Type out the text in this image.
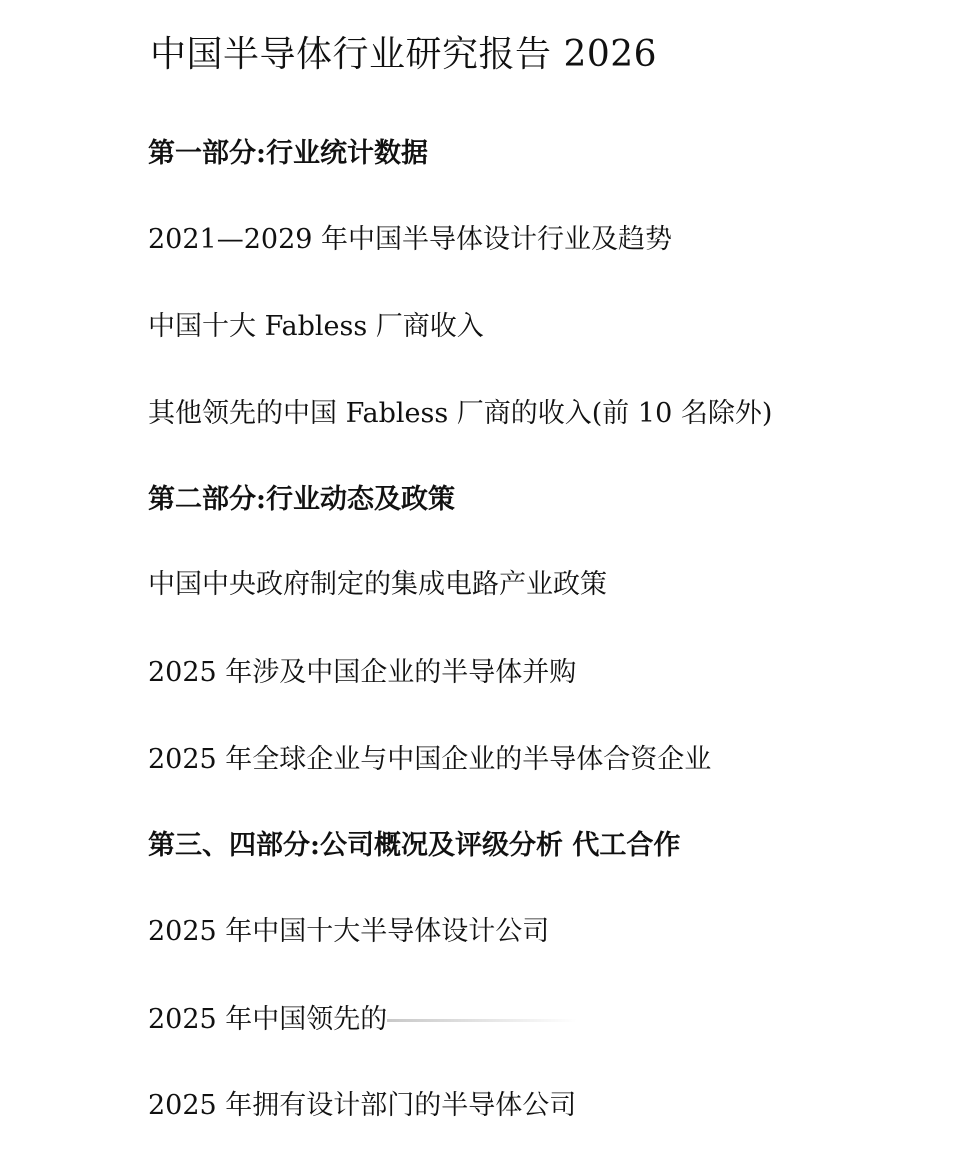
中国半导体行业研究报告 2026
第一部分:行业统计数据
2021—2029 年中国半导体设计行业及趋势
中国十大 Fabless 厂商收入
其他领先的中国 Fabless 厂商的收入(前 10 名除外)
第二部分:行业动态及政策
中国中央政府制定的集成电路产业政策
2025 年涉及中国企业的半导体并购
2025 年全球企业与中国企业的半导体合资企业
第三、四部分:公司概况及评级分析 代工合作
2025 年中国十大半导体设计公司
2025 年中国领先的
2025 年拥有设计部门的半导体公司
